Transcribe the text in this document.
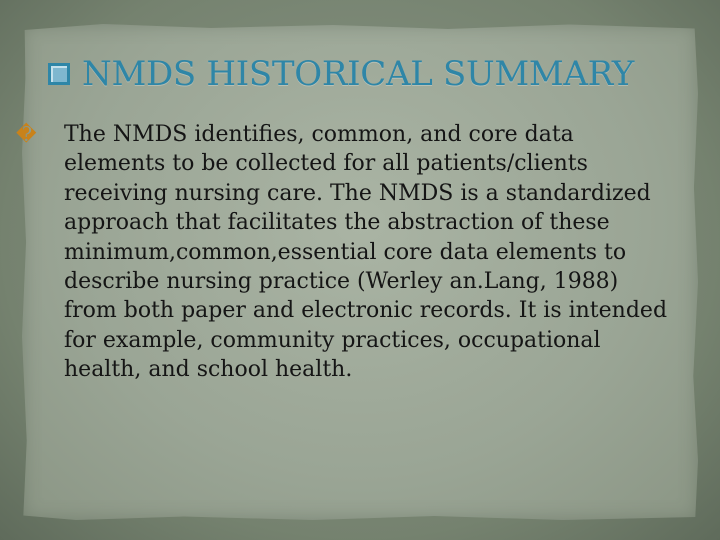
NMDS HISTORICAL SUMMARY
� The NMDS identifies, common, and core data elements to be collected for all patients/clients receiving nursing care. The NMDS is a standardized approach that facilitates the abstraction of these minimum,common,essential core data elements to describe nursing practice (Werley an.Lang, 1988) from both paper and electronic records. It is intended for example, community practices, occupational health, and school health.
